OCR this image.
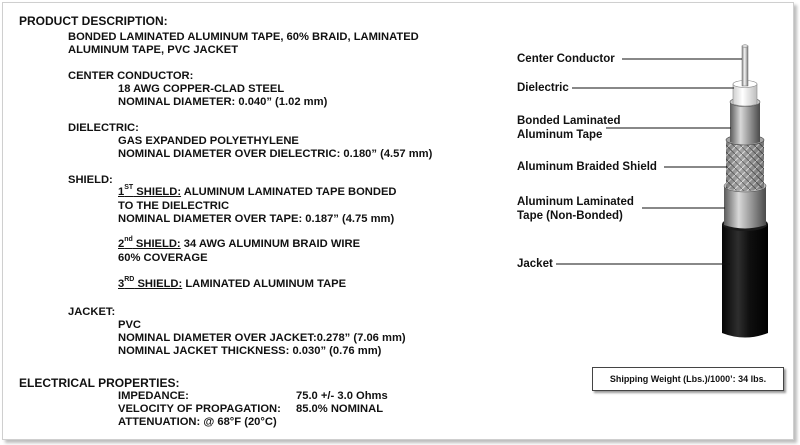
PRODUCT DESCRIPTION:
BONDED LAMINATED ALUMINUM TAPE, 60% BRAID, LAMINATED
ALUMINUM TAPE, PVC JACKET
CENTER CONDUCTOR:
18 AWG COPPER-CLAD STEEL
NOMINAL DIAMETER: 0.040” (1.02 mm)
DIELECTRIC:
GAS EXPANDED POLYETHYLENE
NOMINAL DIAMETER OVER DIELECTRIC: 0.180” (4.57 mm)
SHIELD:
1ST SHIELD: ALUMINUM LAMINATED TAPE BONDED
TO THE DIELECTRIC
NOMINAL DIAMETER OVER TAPE: 0.187” (4.75 mm)
2nd SHIELD: 34 AWG ALUMINUM BRAID WIRE
60% COVERAGE
3RD SHIELD: LAMINATED ALUMINUM TAPE
JACKET:
PVC
NOMINAL DIAMETER OVER JACKET:0.278” (7.06 mm)
NOMINAL JACKET THICKNESS: 0.030” (0.76 mm)
ELECTRICAL PROPERTIES:
IMPEDANCE:	75.0 +/- 3.0 Ohms
VELOCITY OF PROPAGATION: 85.0% NOMINAL
ATTENUATION: @ 68°F (20°C)
Center Conductor
Dielectric
Bonded Laminated
Aluminum Tape
Aluminum Braided Shield
Aluminum Laminated
Tape (Non-Bonded)
Jacket
Shipping Weight (Lbs.)/1000’: 34 lbs.
